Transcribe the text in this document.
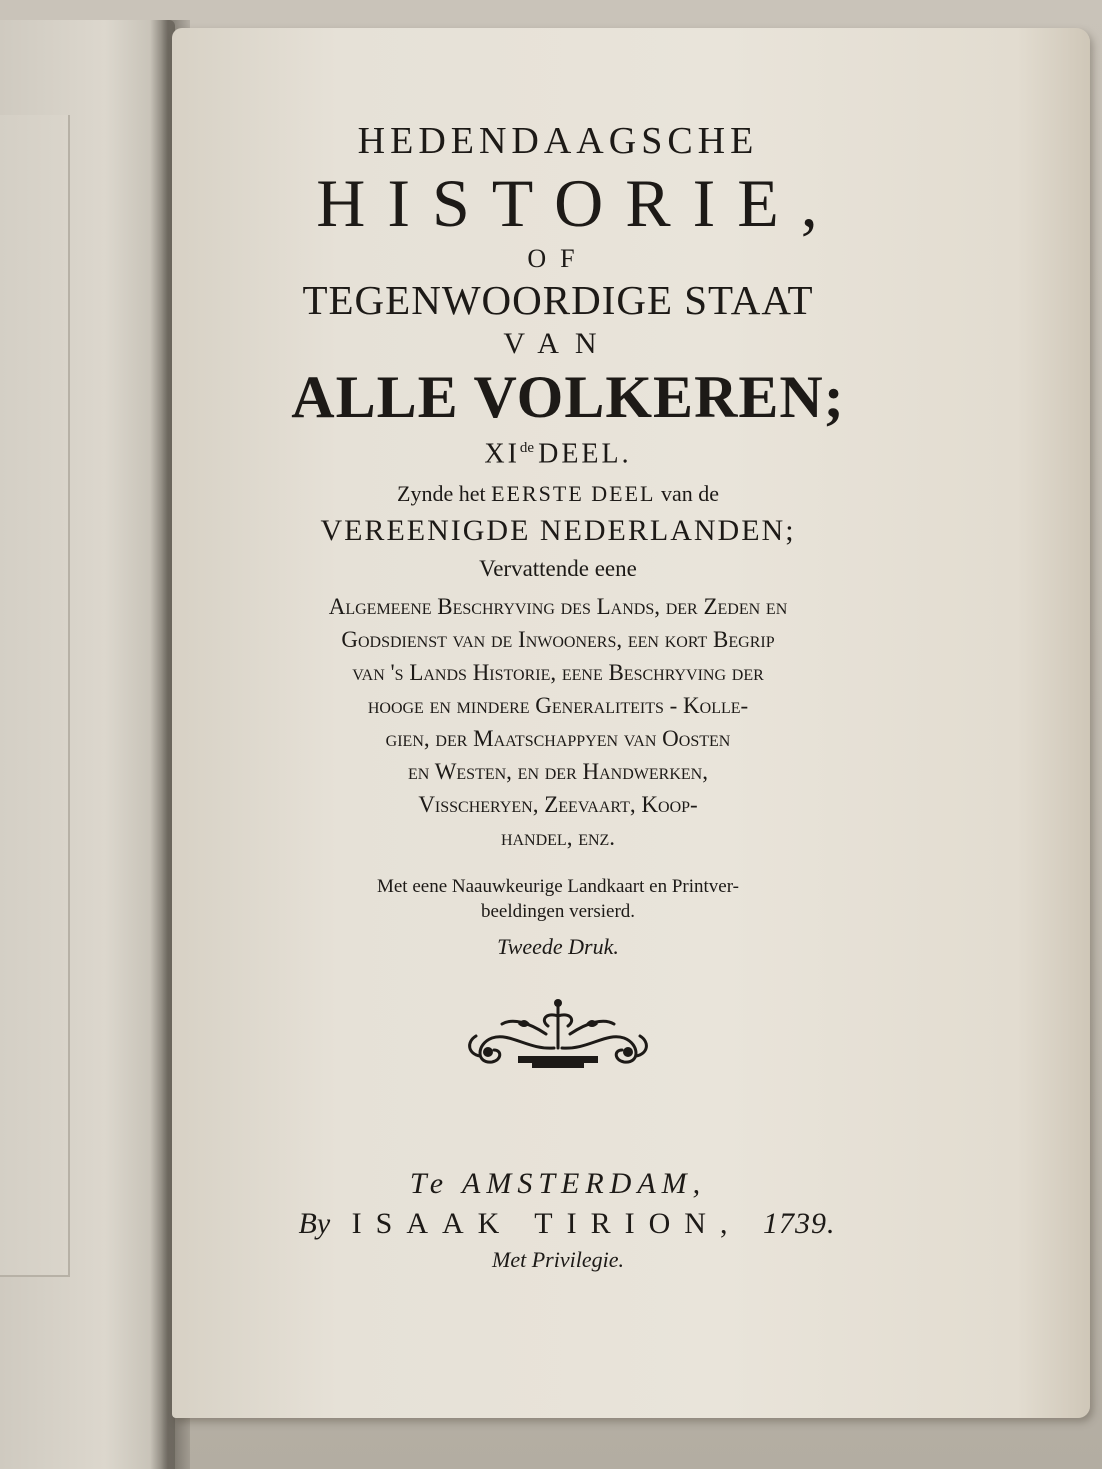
HEDENDAAGSCHE
HISTORIE,
OF
TEGENWOORDIGE STAAT
VAN
ALLE VOLKEREN;
XIde DEEL.
Zynde het EERSTE DEEL van de
VEREENIGDE NEDERLANDEN;
Vervattende eene
Algemeene Beschryving des Lands, der Zeden en
Godsdienst van de Inwooners, een kort Begrip
van 's Lands Historie, eene Beschryving der
hooge en mindere Generaliteits - Kolle-
gien, der Maatschappyen van Oosten
en Westen, en der Handwerken,
Visscheryen, Zeevaart, Koop-
handel, enz.
Met eene Naauwkeurige Landkaart en Printver-
beeldingen versierd.
Tweede Druk.
Te AMSTERDAM,
By ISAAK TIRION, 1739.
Met Privilegie.
